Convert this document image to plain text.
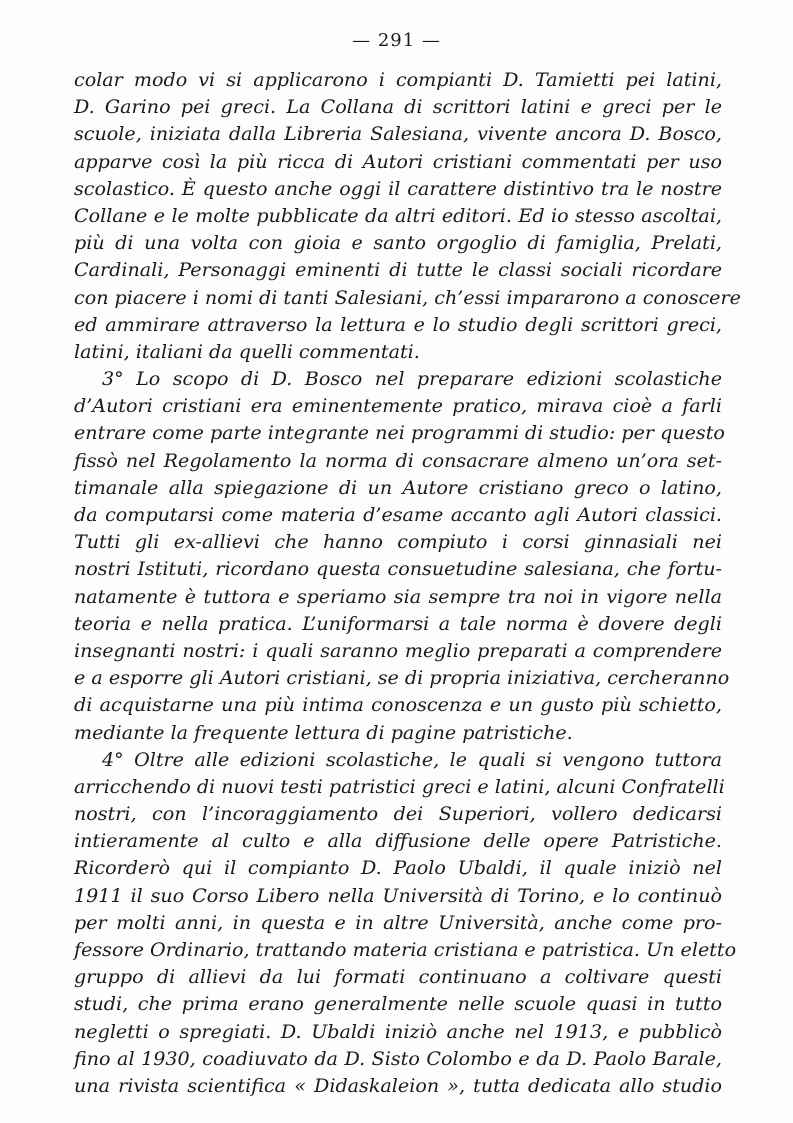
— 291 —
colar modo vi si applicarono i compianti D. Tamietti pei latini,
D. Garino pei greci. La Collana di scrittori latini e greci per le
scuole, iniziata dalla Libreria Salesiana, vivente ancora D. Bosco,
apparve così la più ricca di Autori cristiani commentati per uso
scolastico. È questo anche oggi il carattere distintivo tra le nostre
Collane e le molte pubblicate da altri editori. Ed io stesso ascoltai,
più di una volta con gioia e santo orgoglio di famiglia, Prelati,
Cardinali, Personaggi eminenti di tutte le classi sociali ricordare
con piacere i nomi di tanti Salesiani, ch’essi impararono a conoscere
ed ammirare attraverso la lettura e lo studio degli scrittori greci,
latini, italiani da quelli commentati.
3° Lo scopo di D. Bosco nel preparare edizioni scolastiche
d’Autori cristiani era eminentemente pratico, mirava cioè a farli
entrare come parte integrante nei programmi di studio: per questo
fissò nel Regolamento la norma di consacrare almeno un’ora set-
timanale alla spiegazione di un Autore cristiano greco o latino,
da computarsi come materia d’esame accanto agli Autori classici.
Tutti gli ex-allievi che hanno compiuto i corsi ginnasiali nei
nostri Istituti, ricordano questa consuetudine salesiana, che fortu-
natamente è tuttora e speriamo sia sempre tra noi in vigore nella
teoria e nella pratica. L’uniformarsi a tale norma è dovere degli
insegnanti nostri: i quali saranno meglio preparati a comprendere
e a esporre gli Autori cristiani, se di propria iniziativa, cercheranno
di acquistarne una più intima conoscenza e un gusto più schietto,
mediante la frequente lettura di pagine patristiche.
4° Oltre alle edizioni scolastiche, le quali si vengono tuttora
arricchendo di nuovi testi patristici greci e latini, alcuni Confratelli
nostri, con l’incoraggiamento dei Superiori, vollero dedicarsi
intieramente al culto e alla diffusione delle opere Patristiche.
Ricorderò qui il compianto D. Paolo Ubaldi, il quale iniziò nel
1911 il suo Corso Libero nella Università di Torino, e lo continuò
per molti anni, in questa e in altre Università, anche come pro-
fessore Ordinario, trattando materia cristiana e patristica. Un eletto
gruppo di allievi da lui formati continuano a coltivare questi
studi, che prima erano generalmente nelle scuole quasi in tutto
negletti o spregiati. D. Ubaldi iniziò anche nel 1913, e pubblicò
fino al 1930, coadiuvato da D. Sisto Colombo e da D. Paolo Barale,
una rivista scientifica « Didaskaleion », tutta dedicata allo studio
